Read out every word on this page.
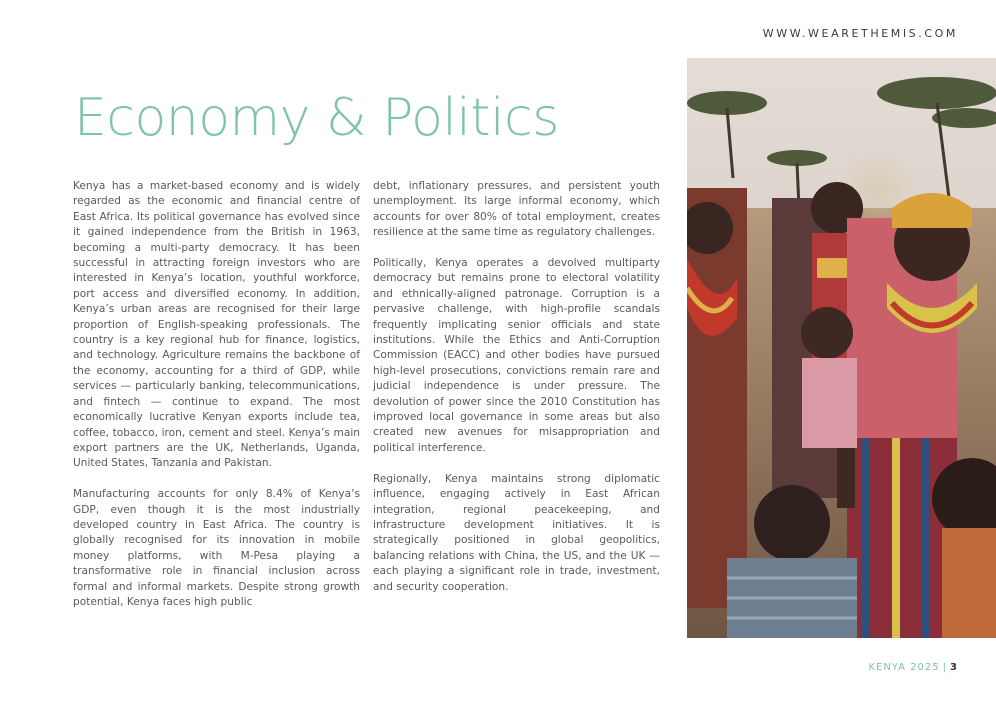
WWW.WEARETHEMIS.COM
Economy & Politics

Kenya has a market-based economy and is widely regarded as the economic and financial centre of East Africa. Its political governance has evolved since it gained independence from the British in 1963, becoming a multi-party democracy. It has been successful in attracting foreign investors who are interested in Kenya’s location, youthful workforce, port access and diversified economy. In addition, Kenya’s urban areas are recognised for their large proportion of English-speaking professionals. The country is a key regional hub for finance, logistics, and technology. Agriculture remains the backbone of the economy, accounting for a third of GDP, while services — particularly banking, telecommunications, and fintech — continue to expand. The most economically lucrative Kenyan exports include tea, coffee, tobacco, iron, cement and steel. Kenya’s main export partners are the UK, Netherlands, Uganda, United States, Tanzania and Pakistan.

Manufacturing accounts for only 8.4% of Kenya’s GDP, even though it is the most industrially developed country in East Africa. The country is globally recognised for its innovation in mobile money platforms, with M-Pesa playing a transformative role in financial inclusion across formal and informal markets. Despite strong growth potential, Kenya faces high public

debt, inflationary pressures, and persistent youth unemployment. Its large informal economy, which accounts for over 80% of total employment, creates resilience at the same time as regulatory challenges.

Politically, Kenya operates a devolved multiparty democracy but remains prone to electoral volatility and ethnically-aligned patronage. Corruption is a pervasive challenge, with high-profile scandals frequently implicating senior officials and state institutions. While the Ethics and Anti-Corruption Commission (EACC) and other bodies have pursued high-level prosecutions, convictions remain rare and judicial independence is under pressure. The devolution of power since the 2010 Constitution has improved local governance in some areas but also created new avenues for misappropriation and political interference.

Regionally, Kenya maintains strong diplomatic influence, engaging actively in East African integration, regional peacekeeping, and infrastructure development initiatives. It is strategically positioned in global geopolitics, balancing relations with China, the US, and the UK — each playing a significant role in trade, investment, and security cooperation.

KENYA 2025 | 3
